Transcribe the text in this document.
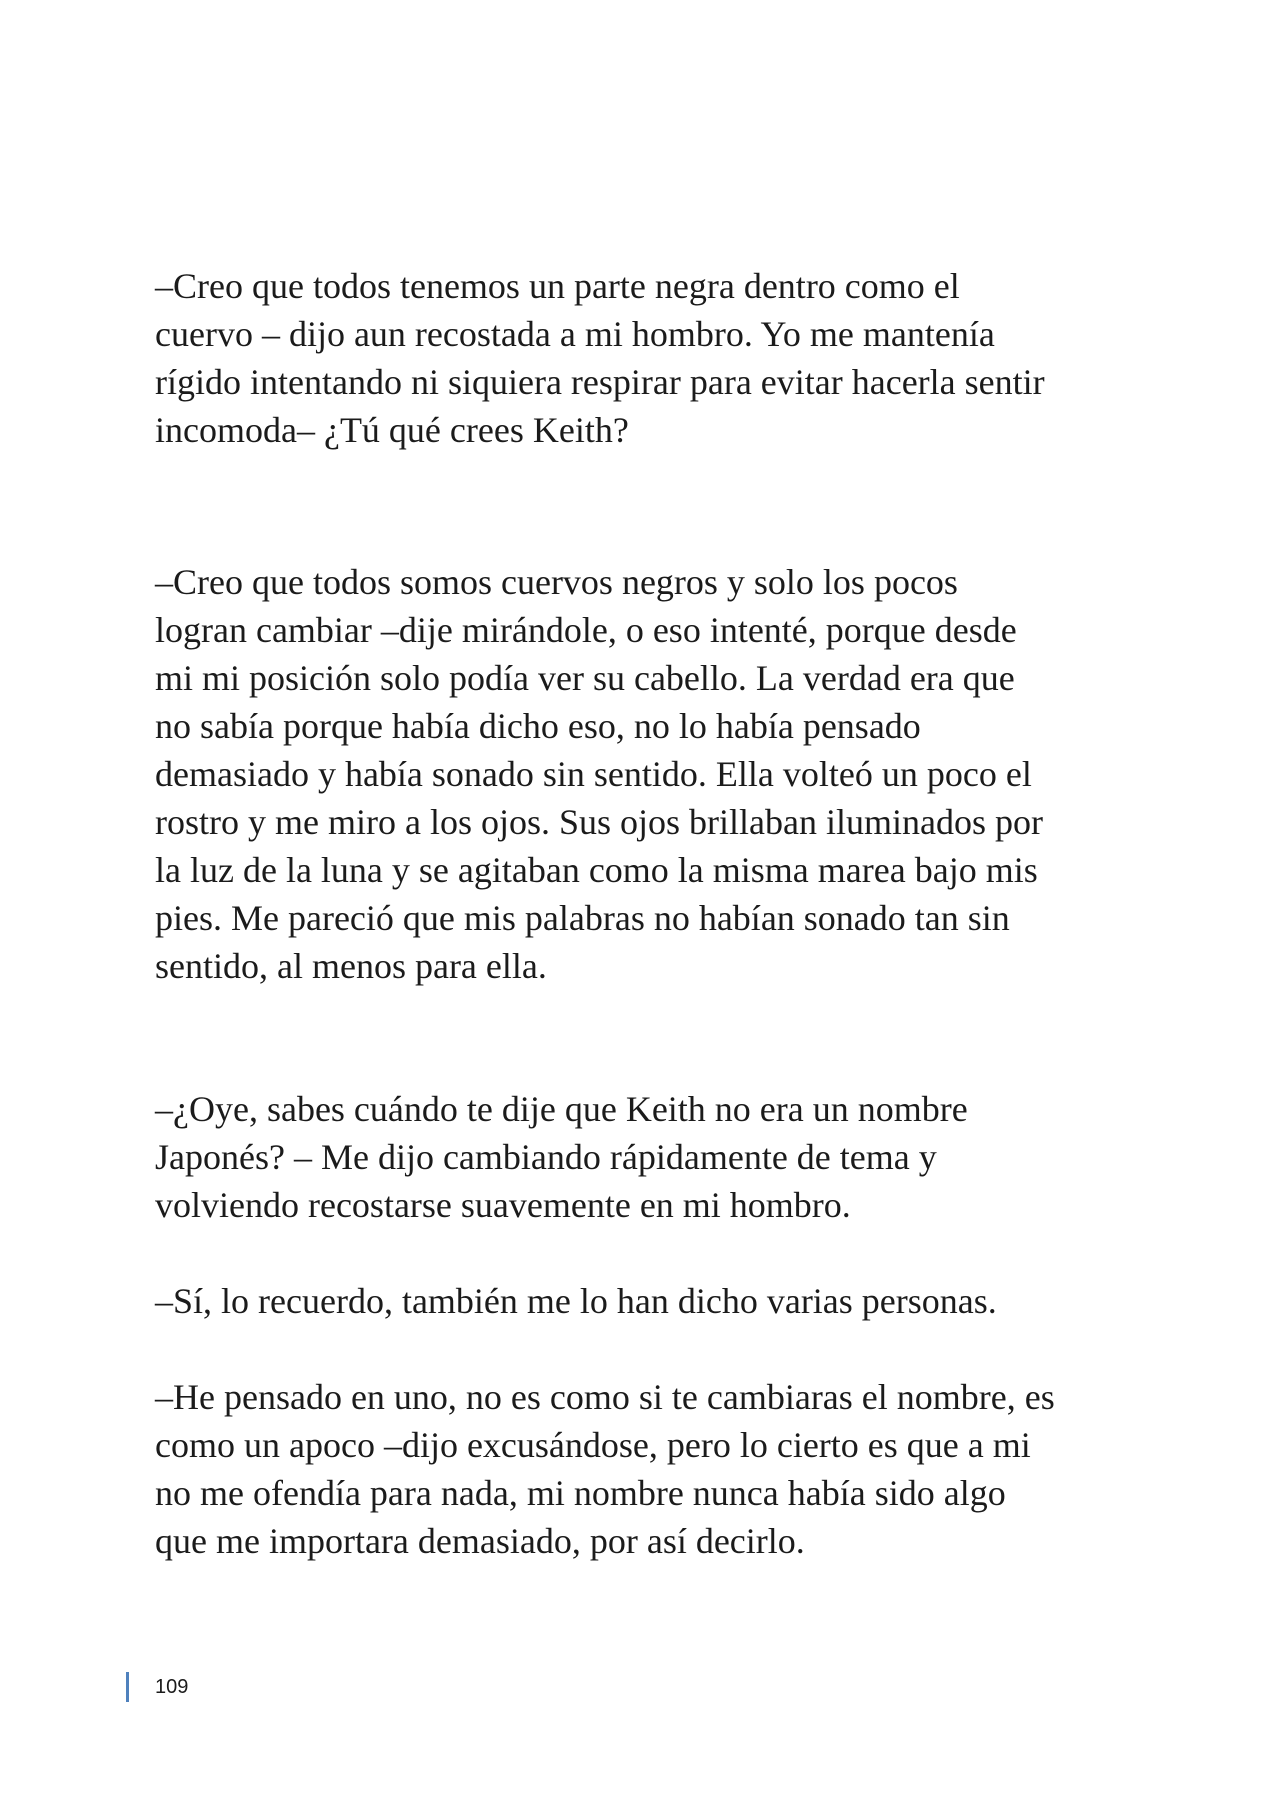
–Creo que todos tenemos un parte negra dentro como el
cuervo – dijo aun recostada a mi hombro. Yo me mantenía
rígido intentando ni siquiera respirar para evitar hacerla sentir
incomoda– ¿Tú qué crees Keith?

–Creo que todos somos cuervos negros y solo los pocos
logran cambiar –dije mirándole, o eso intenté, porque desde
mi mi posición solo podía ver su cabello. La verdad era que
no sabía porque había dicho eso, no lo había pensado
demasiado y había sonado sin sentido. Ella volteó un poco el
rostro y me miro a los ojos. Sus ojos brillaban iluminados por
la luz de la luna y se agitaban como la misma marea bajo mis
pies. Me pareció que mis palabras no habían sonado tan sin
sentido, al menos para ella.

–¿Oye, sabes cuándo te dije que Keith no era un nombre
Japonés? – Me dijo cambiando rápidamente de tema y
volviendo recostarse suavemente en mi hombro.

–Sí, lo recuerdo, también me lo han dicho varias personas.

–He pensado en uno, no es como si te cambiaras el nombre, es
como un apoco –dijo excusándose, pero lo cierto es que a mi
no me ofendía para nada, mi nombre nunca había sido algo
que me importara demasiado, por así decirlo.

109
